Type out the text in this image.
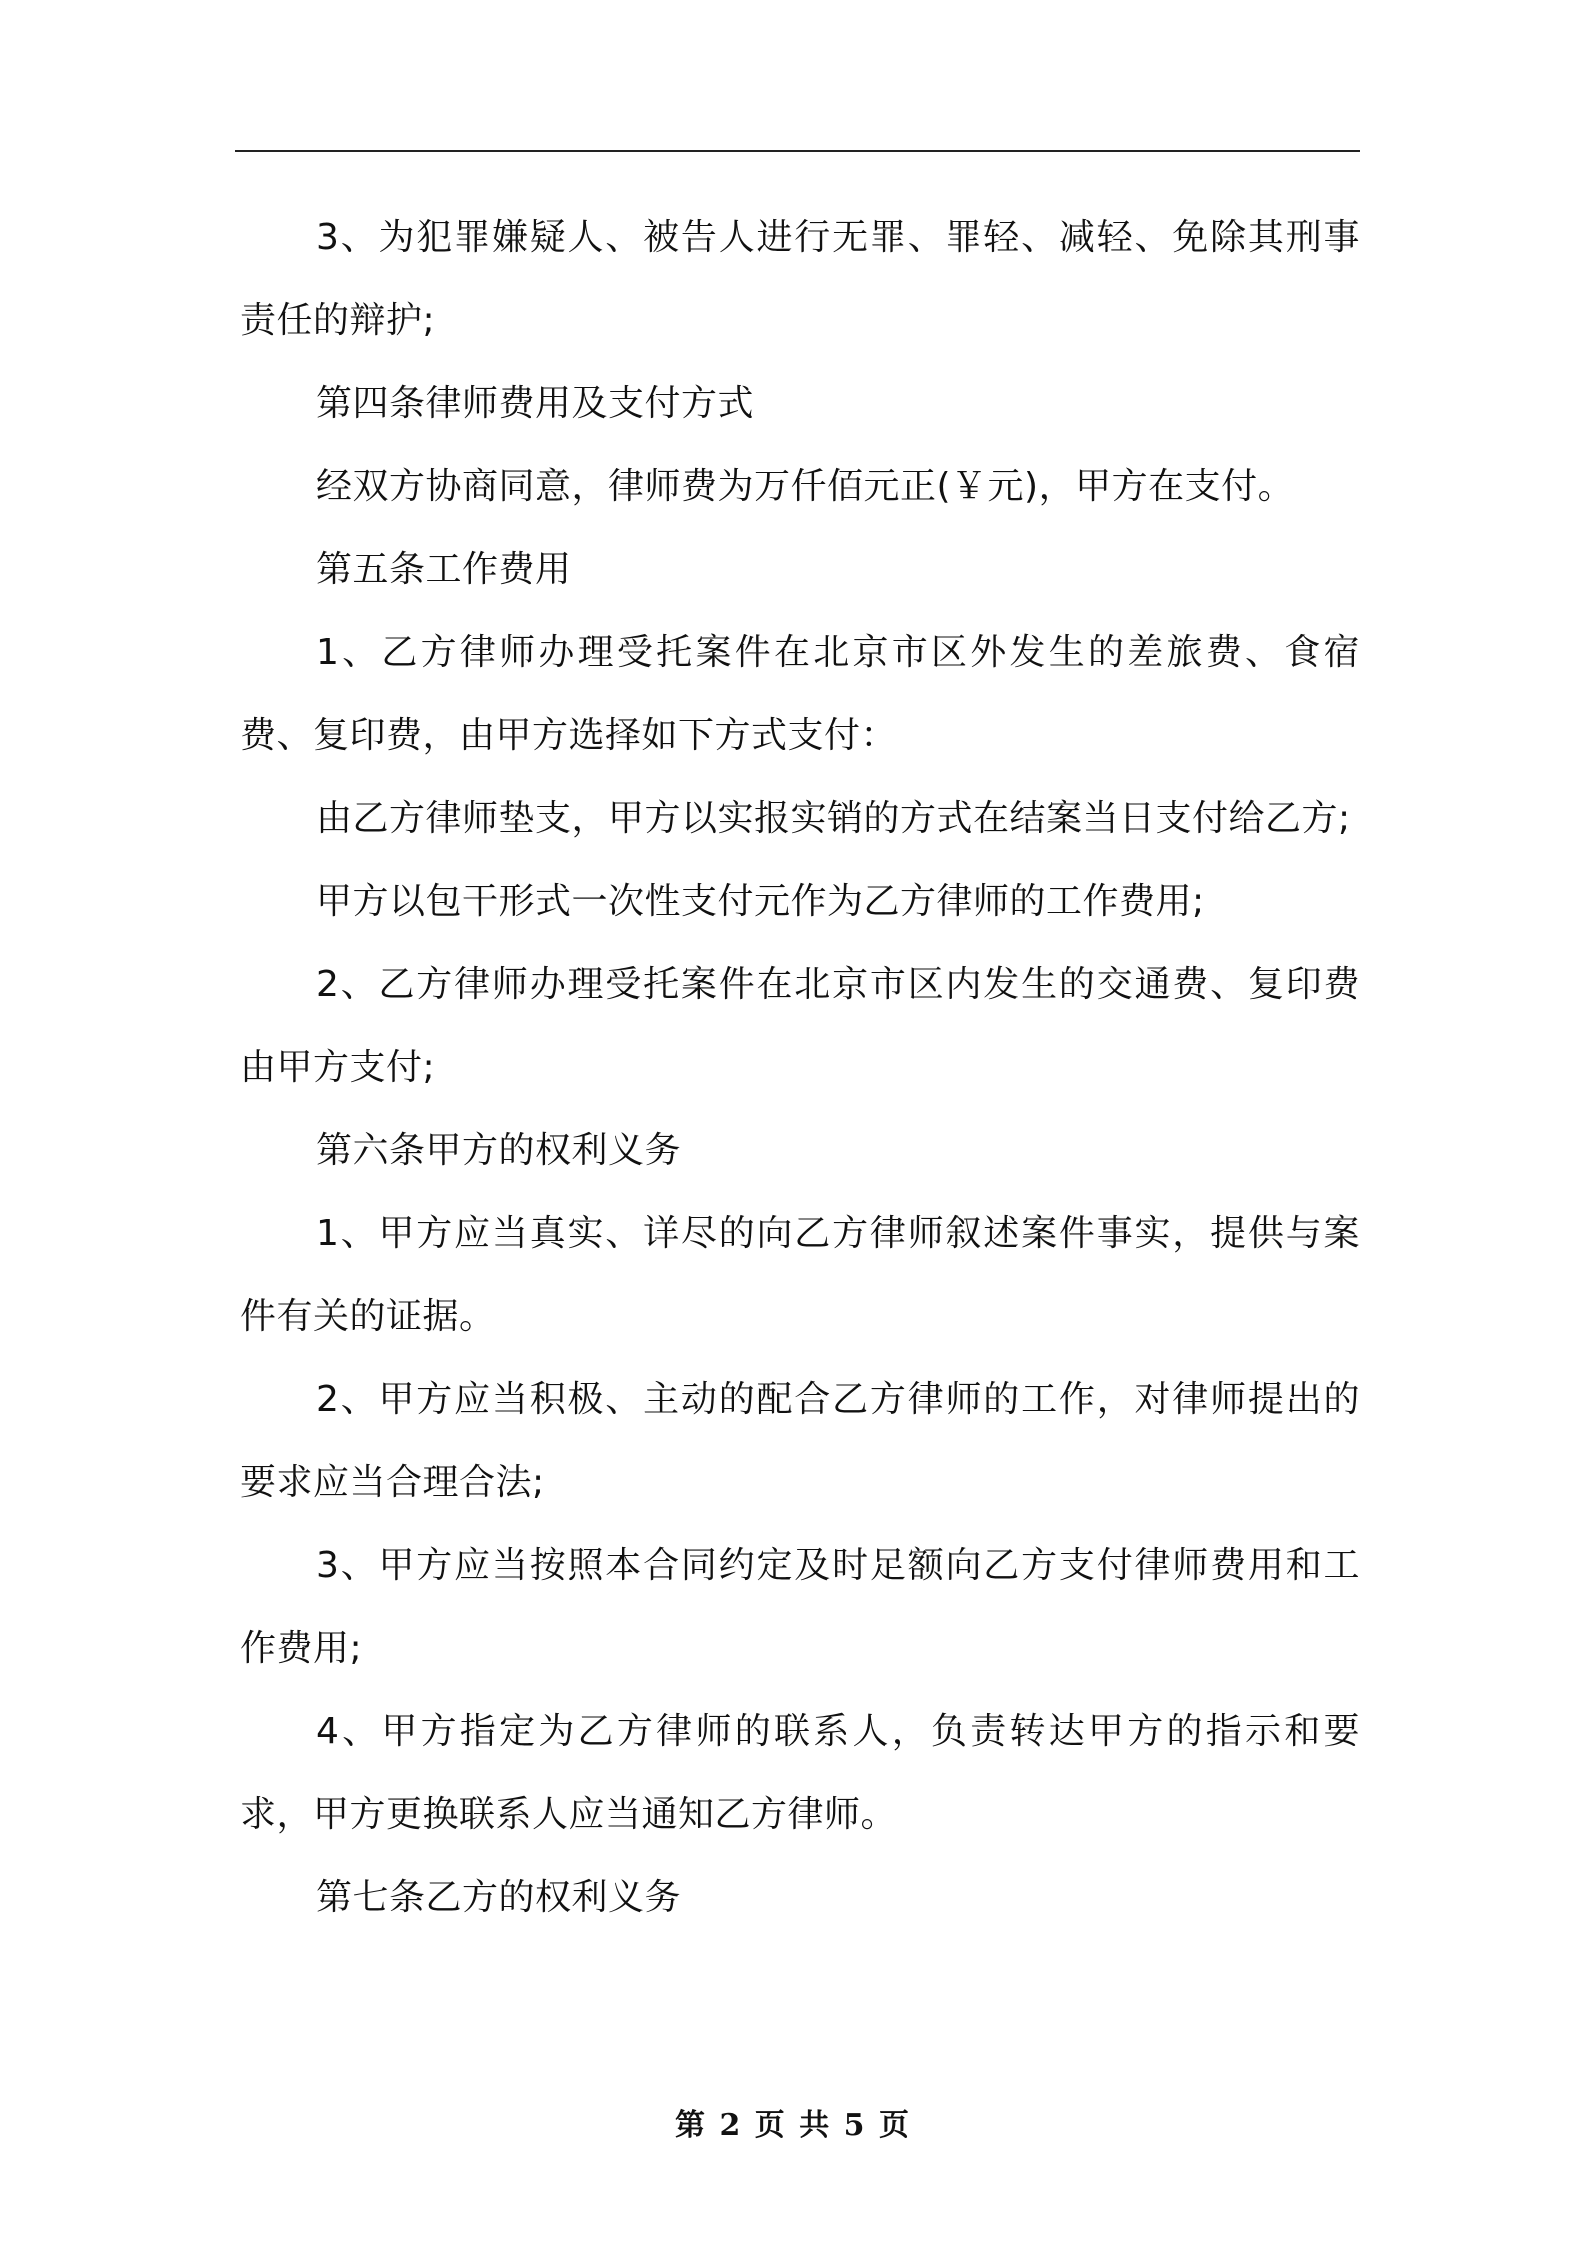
3、为犯罪嫌疑人、被告人进行无罪、罪轻、减轻、免除其刑事责任的辩护;

第四条律师费用及支付方式

经双方协商同意，律师费为万仟佰元正(￥元)，甲方在支付。

第五条工作费用

1、乙方律师办理受托案件在北京市区外发生的差旅费、食宿费、复印费，由甲方选择如下方式支付：

由乙方律师垫支，甲方以实报实销的方式在结案当日支付给乙方;

甲方以包干形式一次性支付元作为乙方律师的工作费用;

2、乙方律师办理受托案件在北京市区内发生的交通费、复印费由甲方支付;

第六条甲方的权利义务

1、甲方应当真实、详尽的向乙方律师叙述案件事实，提供与案件有关的证据。

2、甲方应当积极、主动的配合乙方律师的工作，对律师提出的要求应当合理合法;

3、甲方应当按照本合同约定及时足额向乙方支付律师费用和工作费用;

4、甲方指定为乙方律师的联系人，负责转达甲方的指示和要求，甲方更换联系人应当通知乙方律师。

第七条乙方的权利义务

第 2 页 共 5 页
